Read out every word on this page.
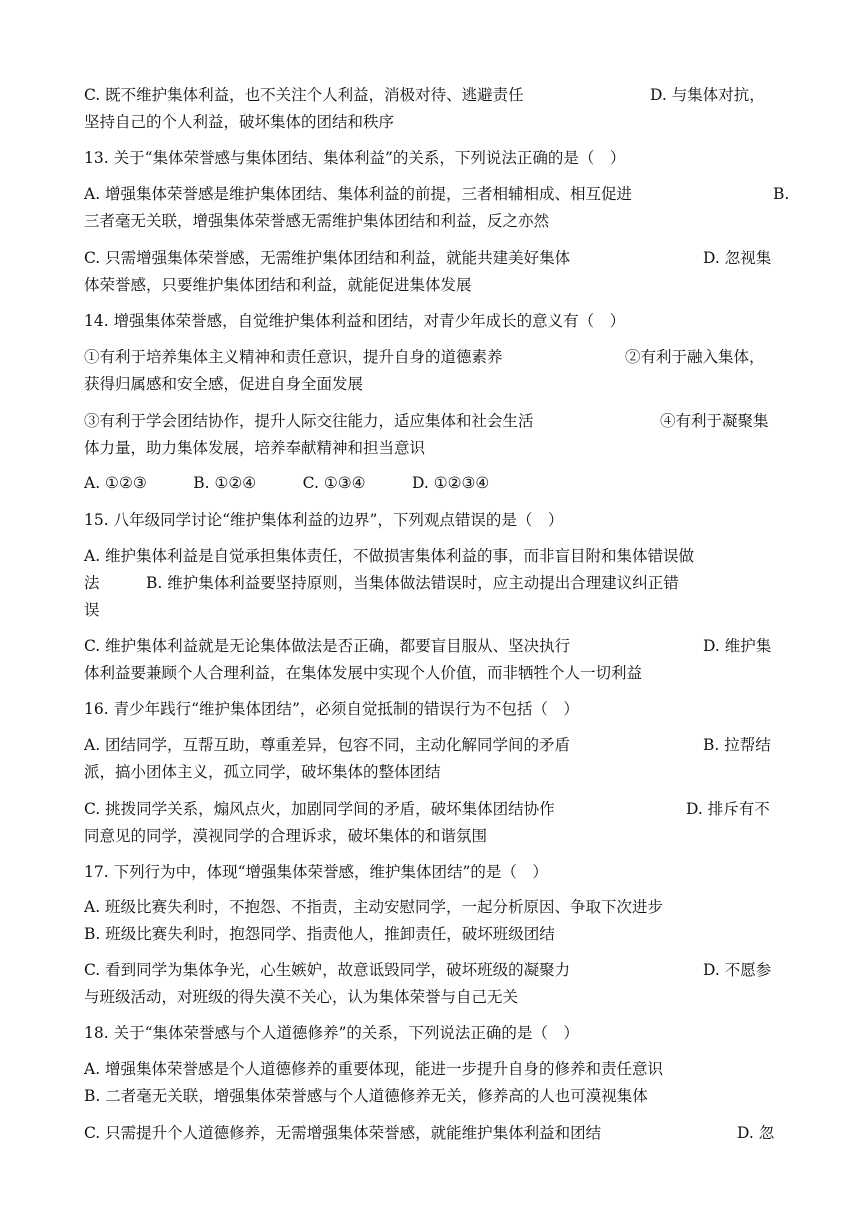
C. 既不维护集体利益，也不关注个人利益，消极对待、逃避责任	D. 与集体对抗，
坚持自己的个人利益，破坏集体的团结和秩序
13. 关于“集体荣誉感与集体团结、集体利益”的关系，下列说法正确的是（　）
A. 增强集体荣誉感是维护集体团结、集体利益的前提，三者相辅相成、相互促进	B.
三者毫无关联，增强集体荣誉感无需维护集体团结和利益，反之亦然
C. 只需增强集体荣誉感，无需维护集体团结和利益，就能共建美好集体	D. 忽视集
体荣誉感，只要维护集体团结和利益，就能促进集体发展
14. 增强集体荣誉感，自觉维护集体利益和团结，对青少年成长的意义有（　）
①有利于培养集体主义精神和责任意识，提升自身的道德素养	②有利于融入集体，
获得归属感和安全感，促进自身全面发展
③有利于学会团结协作，提升人际交往能力，适应集体和社会生活	④有利于凝聚集
体力量，助力集体发展，培养奉献精神和担当意识
A. ①②③　　　B. ①②④　　　C. ①③④　　　D. ①②③④
15. 八年级同学讨论“维护集体利益的边界”，下列观点错误的是（　）
A. 维护集体利益是自觉承担集体责任，不做损害集体利益的事，而非盲目附和集体错误做
法　　　B. 维护集体利益要坚持原则，当集体做法错误时，应主动提出合理建议纠正错
误
C. 维护集体利益就是无论集体做法是否正确，都要盲目服从、坚决执行	D. 维护集
体利益要兼顾个人合理利益，在集体发展中实现个人价值，而非牺牲个人一切利益
16. 青少年践行“维护集体团结”，必须自觉抵制的错误行为不包括（　）
A. 团结同学，互帮互助，尊重差异，包容不同，主动化解同学间的矛盾	B. 拉帮结
派，搞小团体主义，孤立同学，破坏集体的整体团结
C. 挑拨同学关系，煽风点火，加剧同学间的矛盾，破坏集体团结协作	D. 排斥有不
同意见的同学，漠视同学的合理诉求，破坏集体的和谐氛围
17. 下列行为中，体现“增强集体荣誉感，维护集体团结”的是（　）
A. 班级比赛失利时，不抱怨、不指责，主动安慰同学，一起分析原因、争取下次进步
B. 班级比赛失利时，抱怨同学、指责他人，推卸责任，破坏班级团结
C. 看到同学为集体争光，心生嫉妒，故意诋毁同学，破坏班级的凝聚力	D. 不愿参
与班级活动，对班级的得失漠不关心，认为集体荣誉与自己无关
18. 关于“集体荣誉感与个人道德修养”的关系，下列说法正确的是（　）
A. 增强集体荣誉感是个人道德修养的重要体现，能进一步提升自身的修养和责任意识
B. 二者毫无关联，增强集体荣誉感与个人道德修养无关，修养高的人也可漠视集体
C. 只需提升个人道德修养，无需增强集体荣誉感，就能维护集体利益和团结	D. 忽
